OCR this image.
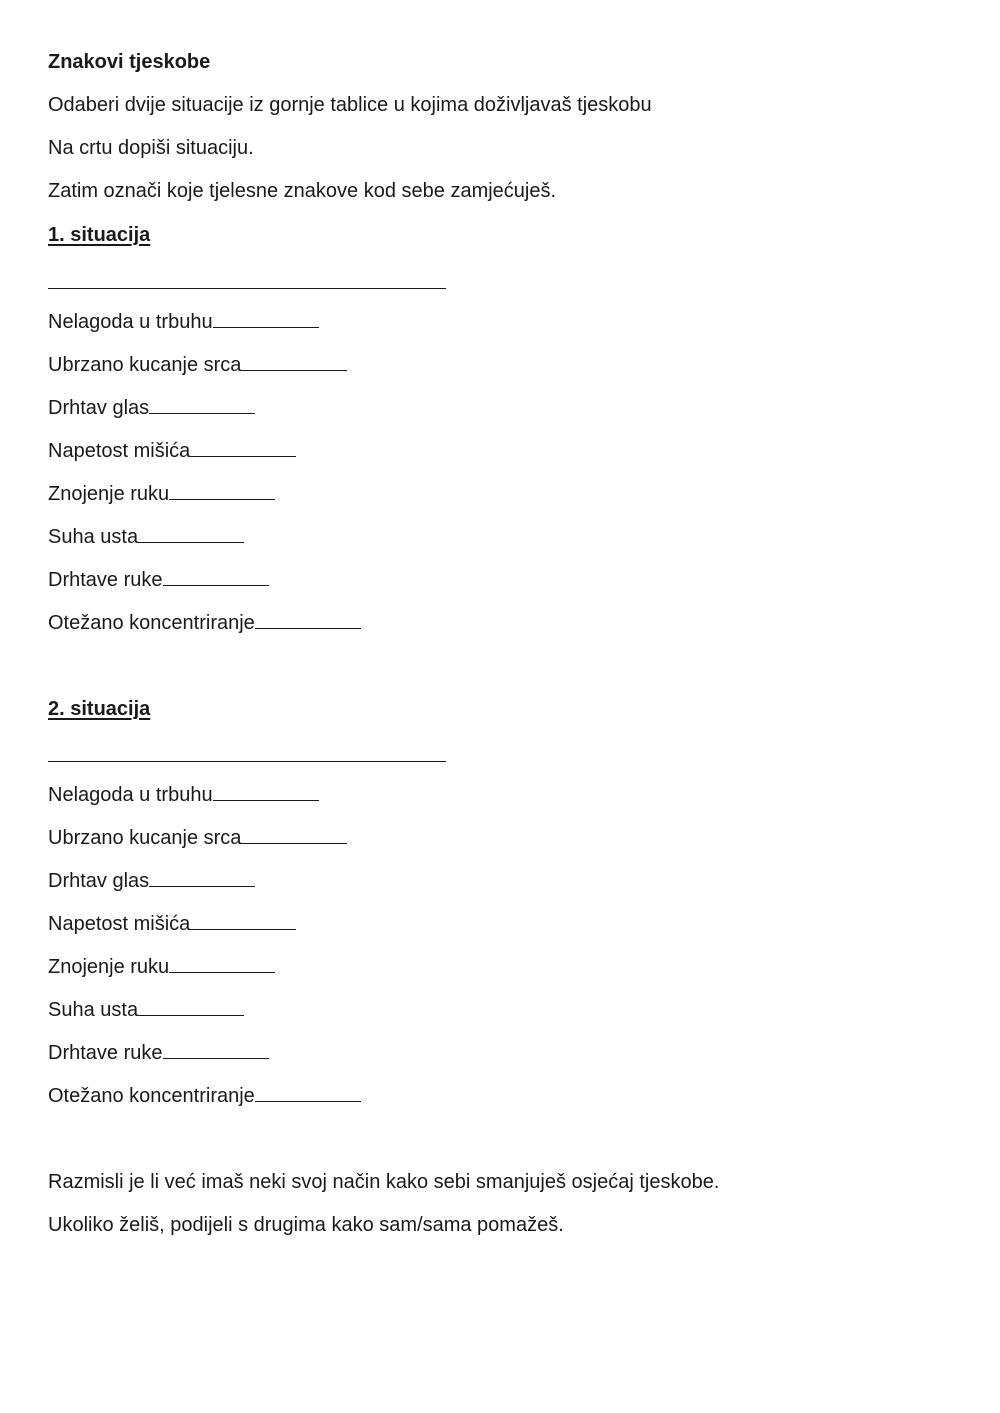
Znakovi tjeskobe
Odaberi dvije situacije iz gornje tablice u kojima doživljavaš tjeskobu
Na crtu dopiši situaciju.
Zatim označi koje tjelesne znakove kod sebe zamjećuješ.
1. situacija
Nelagoda u trbuhu
Ubrzano kucanje srca
Drhtav glas
Napetost mišića
Znojenje ruku
Suha usta
Drhtave ruke
Otežano koncentriranje
2. situacija
Nelagoda u trbuhu
Ubrzano kucanje srca
Drhtav glas
Napetost mišića
Znojenje ruku
Suha usta
Drhtave ruke
Otežano koncentriranje
Razmisli je li već imaš neki svoj način kako sebi smanjuješ osjećaj tjeskobe.
Ukoliko želiš, podijeli s drugima kako sam/sama pomažeš.
